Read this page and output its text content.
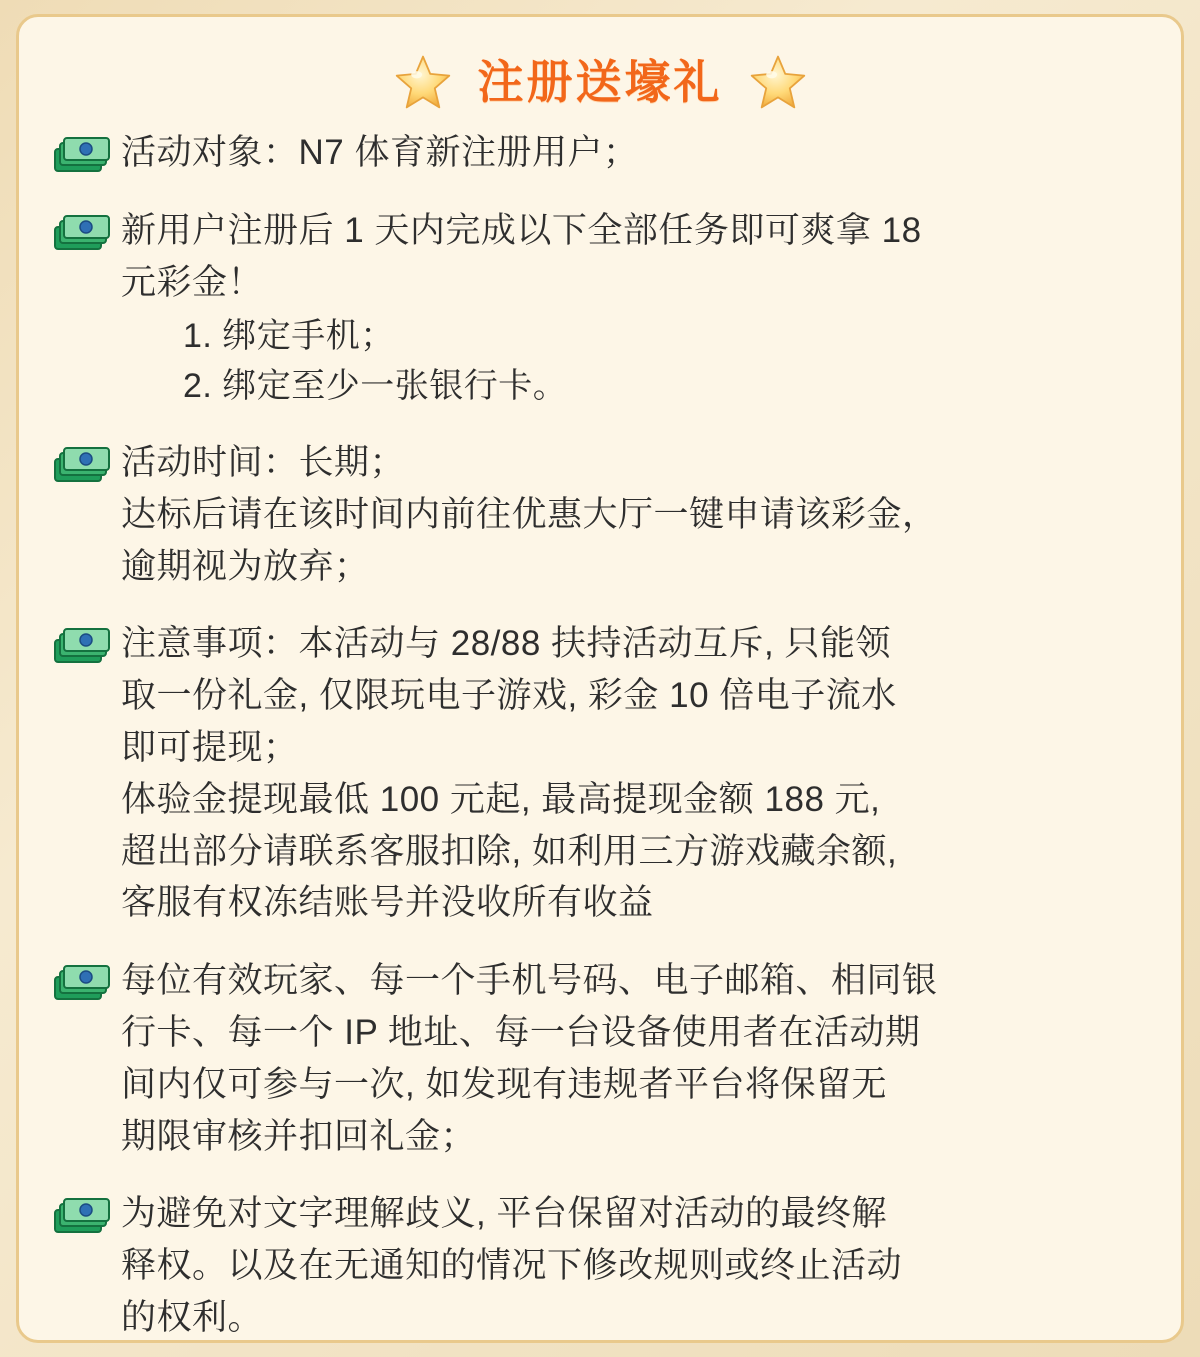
注册送壕礼
活动对象：N7 体育新注册用户；
新用户注册后 1 天内完成以下全部任务即可爽拿 18
元彩金！
1. 绑定手机；
2. 绑定至少一张银行卡。
活动时间：长期；
达标后请在该时间内前往优惠大厅一键申请该彩金，
逾期视为放弃；
注意事项：本活动与 28/88 扶持活动互斥, 只能领
取一份礼金, 仅限玩电子游戏, 彩金 10 倍电子流水
即可提现；
体验金提现最低 100 元起, 最高提现金额 188 元,
超出部分请联系客服扣除, 如利用三方游戏藏余额,
客服有权冻结账号并没收所有收益
每位有效玩家、每一个手机号码、电子邮箱、相同银
行卡、每一个 IP 地址、每一台设备使用者在活动期
间内仅可参与一次, 如发现有违规者平台将保留无
期限审核并扣回礼金；
为避免对文字理解歧义, 平台保留对活动的最终解
释权。以及在无通知的情况下修改规则或终止活动
的权利。
